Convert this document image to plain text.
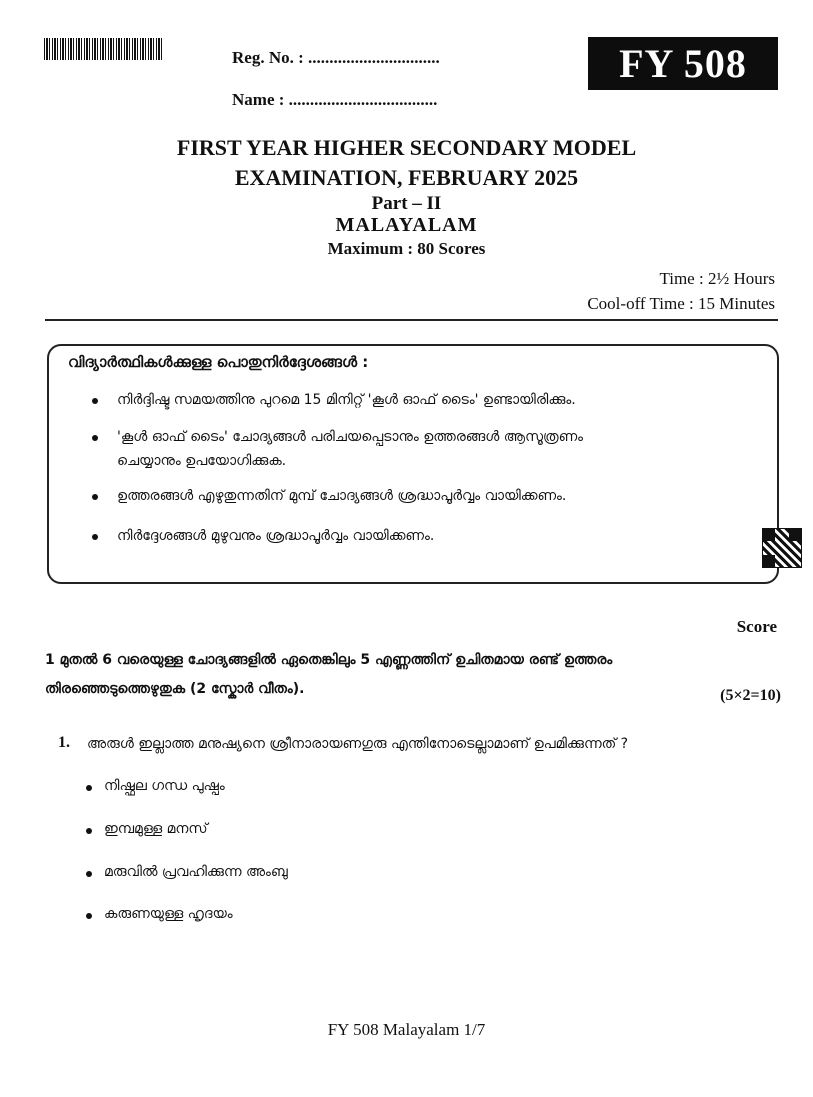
Reg. No. : ...............................
Name : ...................................
FY 508
FIRST YEAR HIGHER SECONDARY MODEL
EXAMINATION, FEBRUARY 2025
Part – II
MALAYALAM
Maximum : 80 Scores
Time : 2½ Hours
Cool-off Time : 15 Minutes
വിദ്യാർത്ഥികൾക്കുള്ള പൊതുനിർദ്ദേശങ്ങൾ :
നിർദ്ദിഷ്ട സമയത്തിനു പുറമെ 15 മിനിറ്റ് 'കൂൾ ഓഫ് ടൈം' ഉണ്ടായിരിക്കും.
'കൂൾ ഓഫ് ടൈം' ചോദ്യങ്ങൾ പരിചയപ്പെടാനും ഉത്തരങ്ങൾ ആസൂത്രണം
ചെയ്യാനും ഉപയോഗിക്കുക.
ഉത്തരങ്ങൾ എഴുതുന്നതിന് മുമ്പ് ചോദ്യങ്ങൾ ശ്രദ്ധാപൂർവ്വം വായിക്കണം.
നിർദ്ദേശങ്ങൾ മുഴുവനും ശ്രദ്ധാപൂർവ്വം വായിക്കണം.
Score
1 മുതൽ 6 വരെയുള്ള ചോദ്യങ്ങളിൽ ഏതെങ്കിലും 5 എണ്ണത്തിന് ഉചിതമായ രണ്ട് ഉത്തരം
തിരഞ്ഞെടുത്തെഴുതുക (2 സ്കോർ വീതം).	(5×2=10)
1. അരുൾ ഇല്ലാത്ത മനുഷ്യനെ ശ്രീനാരായണഗുരു എന്തിനോടെല്ലാമാണ് ഉപമിക്കുന്നത് ?
നിഷ്ഫല ഗന്ധ പുഷ്പം
ഇമ്പമുള്ള മനസ്
മരുവിൽ പ്രവഹിക്കുന്ന അംബു
കരുണയുള്ള ഹൃദയം
FY 508 Malayalam 1/7
